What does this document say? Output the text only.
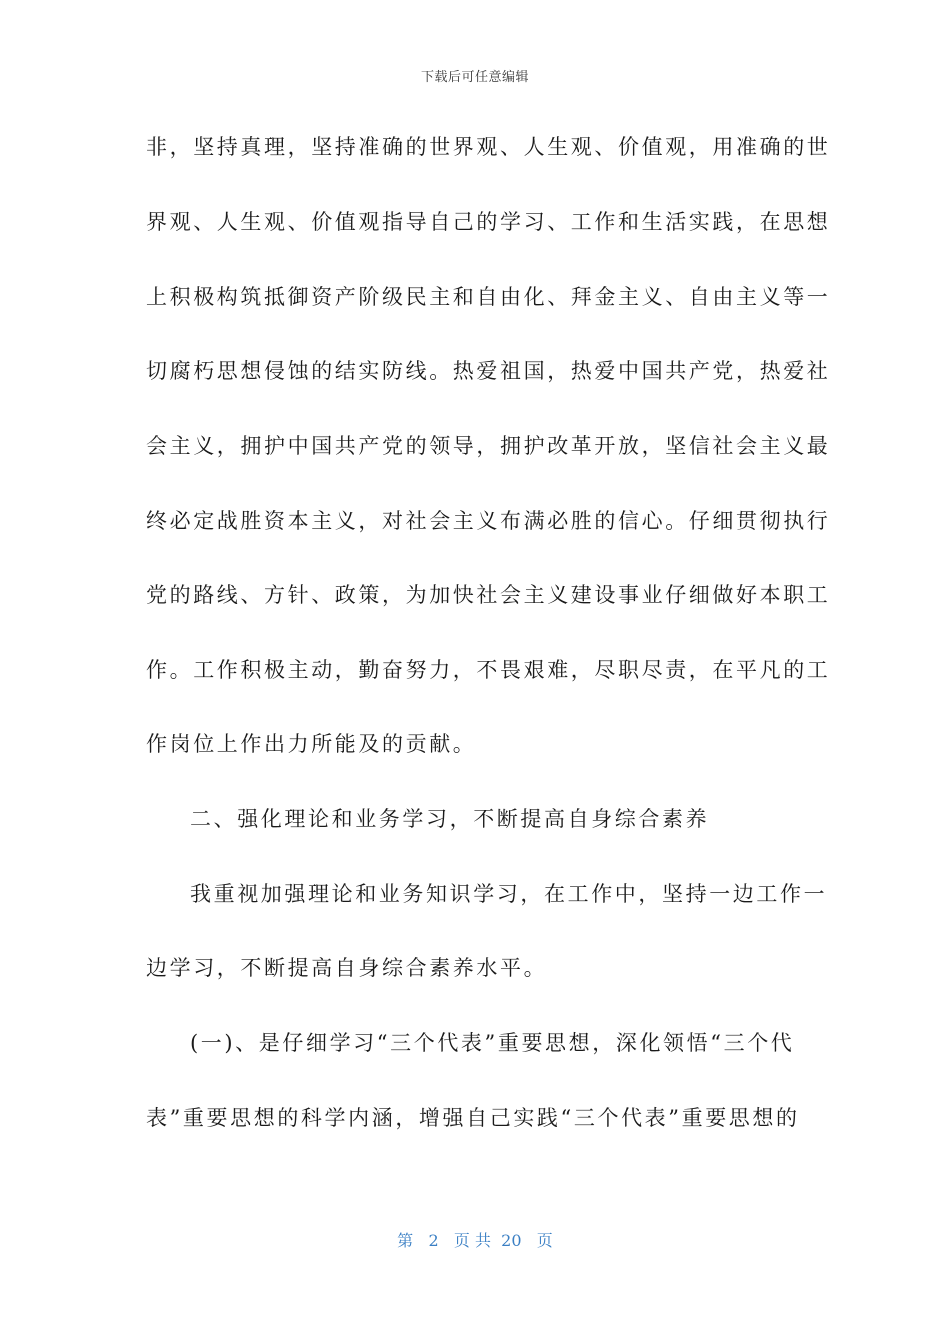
下载后可任意编辑
非，坚持真理，坚持准确的世界观、人生观、价值观，用准确的世
界观、人生观、价值观指导自己的学习、工作和生活实践，在思想
上积极构筑抵御资产阶级民主和自由化、拜金主义、自由主义等一
切腐朽思想侵蚀的结实防线。热爱祖国，热爱中国共产党，热爱社
会主义，拥护中国共产党的领导，拥护改革开放，坚信社会主义最
终必定战胜资本主义，对社会主义布满必胜的信心。仔细贯彻执行
党的路线、方针、政策，为加快社会主义建设事业仔细做好本职工
作。工作积极主动，勤奋努力，不畏艰难，尽职尽责，在平凡的工
作岗位上作出力所能及的贡献。
二、强化理论和业务学习，不断提高自身综合素养
我重视加强理论和业务知识学习，在工作中，坚持一边工作一
边学习，不断提高自身综合素养水平。
(一)、是仔细学习“三个代表”重要思想，深化领悟“三个代
表”重要思想的科学内涵，增强自己实践“三个代表”重要思想的
第 2 页 共 20 页
